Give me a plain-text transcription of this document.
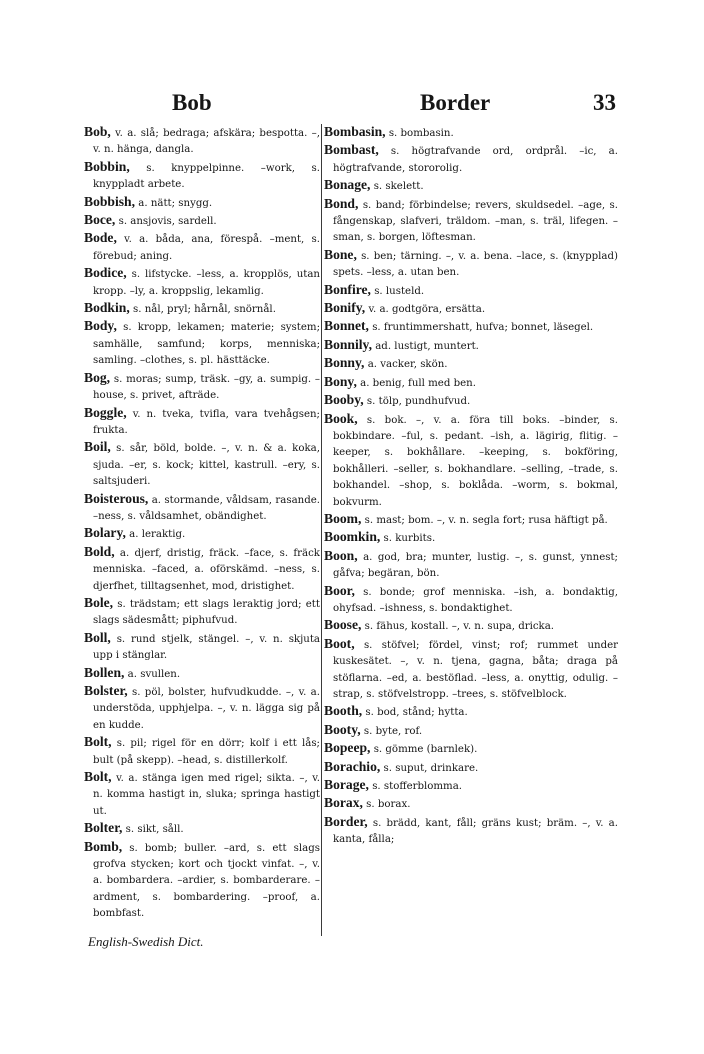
Bob	Border	33

Bob, v. a. slå; bedraga; afskära; bespotta. –, v. n. hänga, dangla.

Bobbin, s. knyppelpinne. –work, s. knyppladt arbete.

Bobbish, a. nätt; snygg.

Boce, s. ansjovis, sardell.

Bode, v. a. båda, ana, förespå. –ment, s. förebud; aning.

Bodice, s. lifstycke. –less, a. kropplös, utan kropp. –ly, a. kroppslig, lekamlig.

Bodkin, s. nål, pryl; hårnål, snörnål.

Body, s. kropp, lekamen; materie; system; samhälle, samfund; korps, menniska; samling. –clothes, s. pl. hästtäcke.

Bog, s. moras; sump, träsk. –gy, a. sumpig. –house, s. privet, afträde.

Boggle, v. n. tveka, tvifla, vara tvehågsen; frukta.

Boil, s. sår, böld, bolde. –, v. n. & a. koka, sjuda. –er, s. kock; kittel, kastrull. –ery, s. saltsjuderi.

Boisterous, a. stormande, våldsam, rasande. –ness, s. våldsamhet, obändighet.

Bolary, a. leraktig.

Bold, a. djerf, dristig, fräck. –face, s. fräck menniska. –faced, a. oförskämd. –ness, s. djerfhet, tilltagsenhet, mod, dristighet.

Bole, s. trädstam; ett slags leraktig jord; ett slags sädesmått; piphufvud.

Boll, s. rund stjelk, stängel. –, v. n. skjuta upp i stänglar.

Bollen, a. svullen.

Bolster, s. pöl, bolster, hufvudkudde. –, v. a. understöda, upphjelpa. –, v. n. lägga sig på en kudde.

Bolt, s. pil; rigel för en dörr; kolf i ett lås; bult (på skepp). –head, s. distillerkolf.

Bolt, v. a. stänga igen med rigel; sikta. –, v. n. komma hastigt in, sluka; springa hastigt ut.

Bolter, s. sikt, såll.

Bomb, s. bomb; buller. –ard, s. ett slags grofva stycken; kort och tjockt vinfat. –, v. a. bombardera. –ardier, s. bombarderare. –ardment, s. bombardering. –proof, a. bombfast.

Bombasin, s. bombasin.

Bombast, s. högtrafvande ord, ordprål. –ic, a. högtrafvande, stororolig.

Bonage, s. skelett.

Bond, s. band; förbindelse; revers, skuldsedel. –age, s. fångenskap, slafveri, träldom. –man, s. träl, lifegen. –sman, s. borgen, löftesman.

Bone, s. ben; tärning. –, v. a. bena. –lace, s. (knypplad) spets. –less, a. utan ben.

Bonfire, s. lusteld.

Bonify, v. a. godtgöra, ersätta.

Bonnet, s. fruntimmershatt, hufva; bonnet, läsegel.

Bonnily, ad. lustigt, muntert.

Bonny, a. vacker, skön.

Bony, a. benig, full med ben.

Booby, s. tölp, pundhufvud.

Book, s. bok. –, v. a. föra till boks. –binder, s. bokbindare. –ful, s. pedant. –ish, a. lägirig, flitig. –keeper, s. bokhållare. –keeping, s. bokföring, bokhålleri. –seller, s. bokhandlare. –selling, –trade, s. bokhandel. –shop, s. boklåda. –worm, s. bokmal, bokvurm.

Boom, s. mast; bom. –, v. n. segla fort; rusa häftigt på.

Boomkin, s. kurbits.

Boon, a. god, bra; munter, lustig. –, s. gunst, ynnest; gåfva; begäran, bön.

Boor, s. bonde; grof menniska. –ish, a. bondaktig, ohyfsad. –ishness, s. bondaktighet.

Boose, s. fähus, kostall. –, v. n. supa, dricka.

Boot, s. stöfvel; fördel, vinst; rof; rummet under kuskesätet. –, v. n. tjena, gagna, båta; draga på stöflarna. –ed, a. bestöflad. –less, a. onyttig, odulig. –strap, s. stöfvelstropp. –trees, s. stöfvelblock.

Booth, s. bod, stånd; hytta.

Booty, s. byte, rof.

Bopeep, s. gömme (barnlek).

Borachio, s. suput, drinkare.

Borage, s. stofferblomma.

Borax, s. borax.

Border, s. brädd, kant, fåll; gräns kust; bräm. –, v. a. kanta, fålla;

English-Swedish Dict.
